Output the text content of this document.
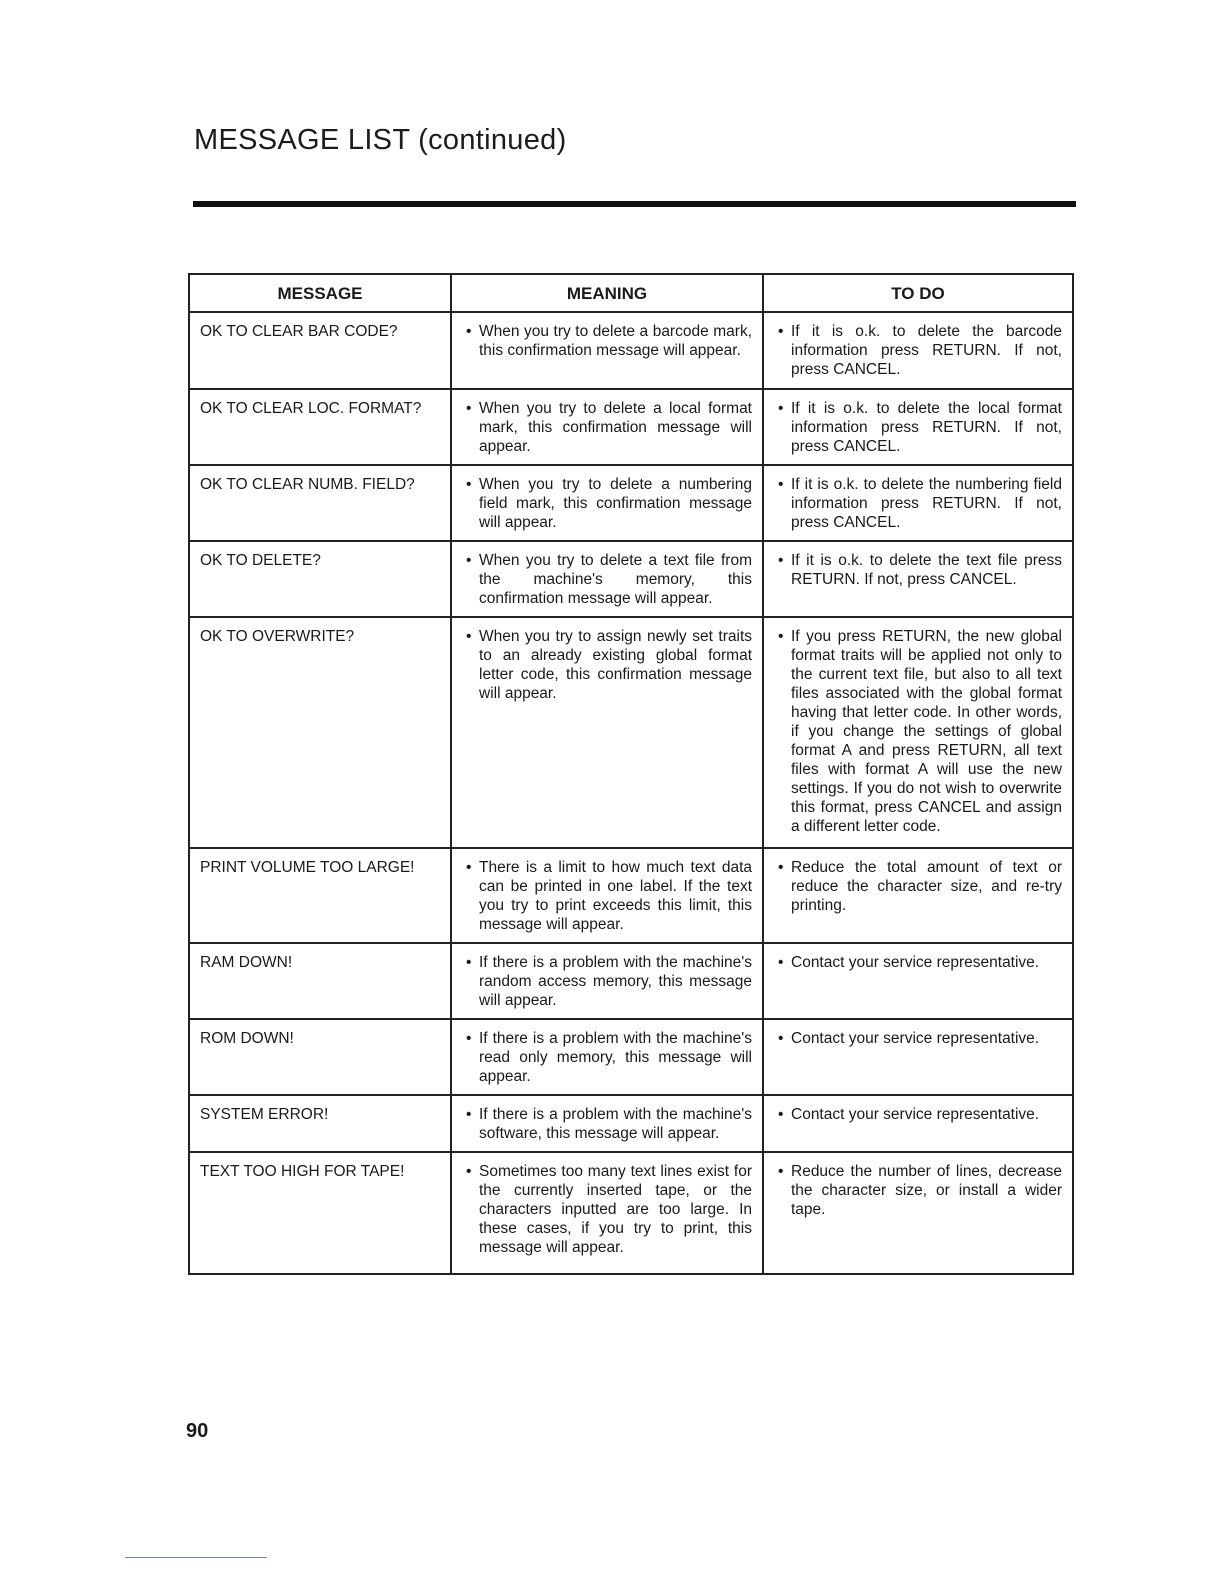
MESSAGE LIST (continued)
MESSAGE	MEANING	TO DO
OK TO CLEAR BAR CODE?	• When you try to delete a barcode mark, this confirmation message will appear.	• If it is o.k. to delete the barcode information press RETURN. If not, press CANCEL.
OK TO CLEAR LOC. FORMAT?	• When you try to delete a local format mark, this confirmation message will appear.	• If it is o.k. to delete the local format information press RETURN. If not, press CANCEL.
OK TO CLEAR NUMB. FIELD?	• When you try to delete a numbering field mark, this confirmation message will appear.	• If it is o.k. to delete the numbering field information press RETURN. If not, press CANCEL.
OK TO DELETE?	• When you try to delete a text file from the machine's memory, this confirmation message will appear.	• If it is o.k. to delete the text file press RETURN. If not, press CANCEL.
OK TO OVERWRITE?	• When you try to assign newly set traits to an already existing global format letter code, this confirmation message will appear.	• If you press RETURN, the new global format traits will be applied not only to the current text file, but also to all text files associated with the global format having that letter code. In other words, if you change the settings of global format A and press RETURN, all text files with format A will use the new settings. If you do not wish to overwrite this format, press CANCEL and assign a different letter code.
PRINT VOLUME TOO LARGE!	• There is a limit to how much text data can be printed in one label. If the text you try to print exceeds this limit, this message will appear.	• Reduce the total amount of text or reduce the character size, and re-try printing.
RAM DOWN!	• If there is a problem with the machine's random access memory, this message will appear.	• Contact your service representative.
ROM DOWN!	• If there is a problem with the machine's read only memory, this message will appear.	• Contact your service representative.
SYSTEM ERROR!	• If there is a problem with the machine's software, this message will appear.	• Contact your service representative.
TEXT TOO HIGH FOR TAPE!	• Sometimes too many text lines exist for the currently inserted tape, or the characters inputted are too large. In these cases, if you try to print, this message will appear.	• Reduce the number of lines, decrease the character size, or install a wider tape.
90
